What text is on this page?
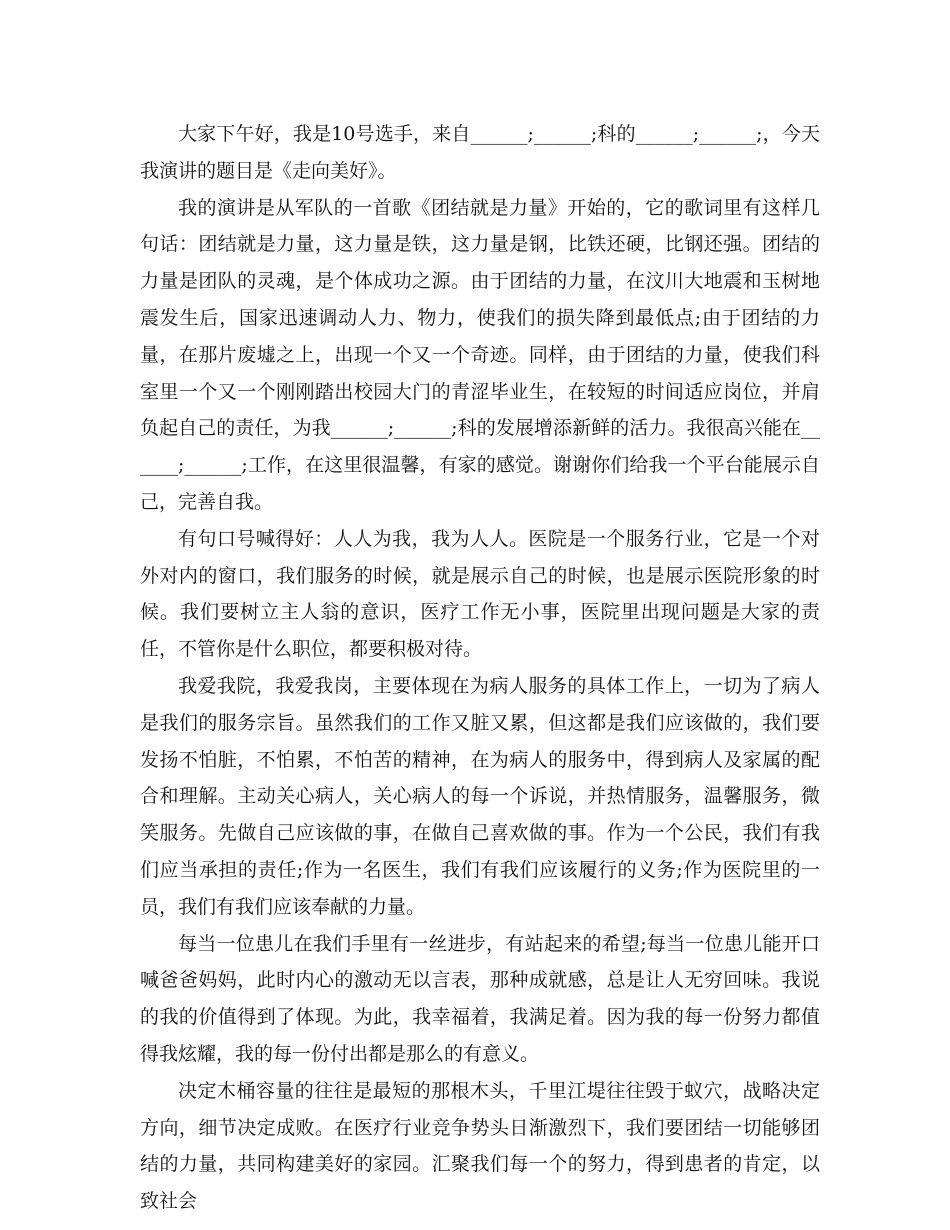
大家下午好，我是10号选手，来自______;______;科的______;______;，今天我演讲的题目是《走向美好》。

我的演讲是从军队的一首歌《团结就是力量》开始的，它的歌词里有这样几句话：团结就是力量，这力量是铁，这力量是钢，比铁还硬，比钢还强。团结的力量是团队的灵魂，是个体成功之源。由于团结的力量，在汶川大地震和玉树地震发生后，国家迅速调动人力、物力，使我们的损失降到最低点;由于团结的力量，在那片废墟之上，出现一个又一个奇迹。同样，由于团结的力量，使我们科室里一个又一个刚刚踏出校园大门的青涩毕业生，在较短的时间适应岗位，并肩负起自己的责任，为我______;______;科的发展增添新鲜的活力。我很高兴能在______;______;工作，在这里很温馨，有家的感觉。谢谢你们给我一个平台能展示自己，完善自我。

有句口号喊得好：人人为我，我为人人。医院是一个服务行业，它是一个对外对内的窗口，我们服务的时候，就是展示自己的时候，也是展示医院形象的时候。我们要树立主人翁的意识，医疗工作无小事，医院里出现问题是大家的责任，不管你是什么职位，都要积极对待。

我爱我院，我爱我岗，主要体现在为病人服务的具体工作上，一切为了病人是我们的服务宗旨。虽然我们的工作又脏又累，但这都是我们应该做的，我们要发扬不怕脏，不怕累，不怕苦的精神，在为病人的服务中，得到病人及家属的配合和理解。主动关心病人，关心病人的每一个诉说，并热情服务，温馨服务，微笑服务。先做自己应该做的事，在做自己喜欢做的事。作为一个公民，我们有我们应当承担的责任;作为一名医生，我们有我们应该履行的义务;作为医院里的一员，我们有我们应该奉献的力量。

每当一位患儿在我们手里有一丝进步，有站起来的希望;每当一位患儿能开口喊爸爸妈妈，此时内心的激动无以言表，那种成就感，总是让人无穷回味。我说的我的价值得到了体现。为此，我幸福着，我满足着。因为我的每一份努力都值得我炫耀，我的每一份付出都是那么的有意义。

决定木桶容量的往往是最短的那根木头，千里江堤往往毁于蚁穴，战略决定方向，细节决定成败。在医疗行业竞争势头日渐激烈下，我们要团结一切能够团结的力量，共同构建美好的家园。汇聚我们每一个的努力，得到患者的肯定，以致社会
